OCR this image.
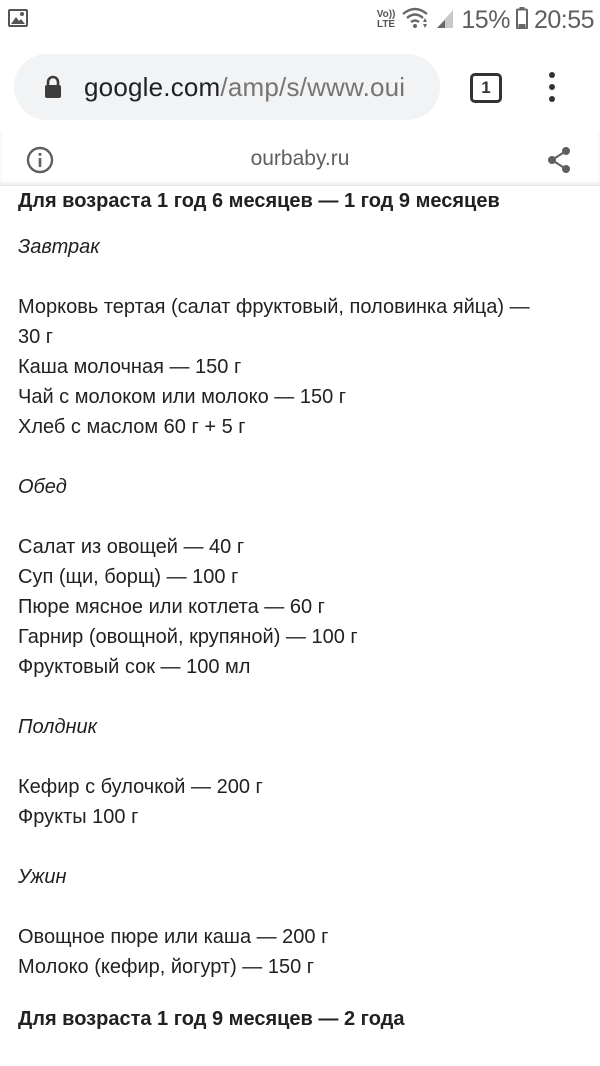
Vo))
LTE	15% 20:55
google.com/amp/s/www.oui	1
ourbaby.ru
Для возраста 1 год 6 месяцев — 1 год 9 месяцев
Завтрак
Морковь тертая (салат фруктовый, половинка яйца) —
30 г
Каша молочная — 150 г
Чай с молоком или молоко — 150 г
Хлеб с маслом 60 г + 5 г
Обед
Салат из овощей — 40 г
Суп (щи, борщ) — 100 г
Пюре мясное или котлета — 60 г
Гарнир (овощной, крупяной) — 100 г
Фруктовый сок — 100 мл
Полдник
Кефир с булочкой — 200 г
Фрукты 100 г
Ужин
Овощное пюре или каша — 200 г
Молоко (кефир, йогурт) — 150 г
Для возраста 1 год 9 месяцев — 2 года
